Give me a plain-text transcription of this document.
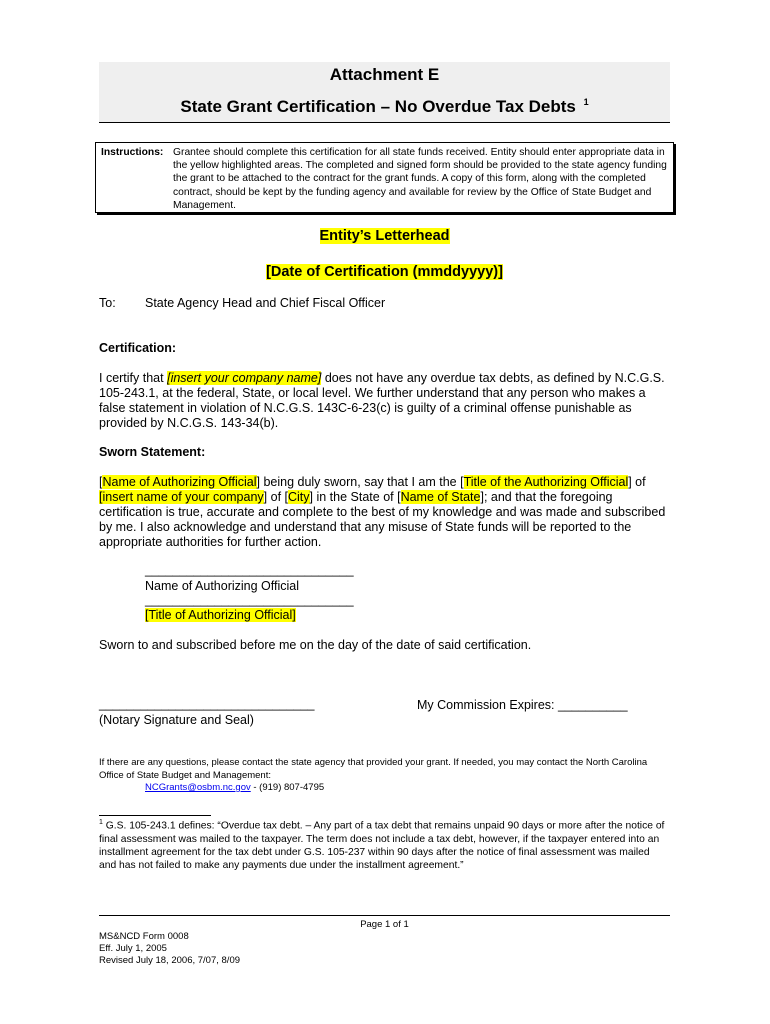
Attachment E
State Grant Certification – No Overdue Tax Debts $^1$
Instructions: Grantee should complete this certification for all state funds received. Entity should enter appropriate data in the yellow highlighted areas. The completed and signed form should be provided to the state agency funding the grant to be attached to the contract for the grant funds. A copy of this form, along with the completed contract, should be kept by the funding agency and available for review by the Office of State Budget and Management.
Entity’s Letterhead
[Date of Certification (mmddyyyy)]
To: State Agency Head and Chief Fiscal Officer
Certification:
I certify that [insert your company name] does not have any overdue tax debts, as defined by N.C.G.S. 105-243.1, at the federal, State, or local level. We further understand that any person who makes a false statement in violation of N.C.G.S. 143C-6-23(c) is guilty of a criminal offense punishable as provided by N.C.G.S. 143-34(b).
Sworn Statement:
[Name of Authorizing Official] being duly sworn, say that I am the [Title of the Authorizing Official] of [insert name of your company] of [City] in the State of [Name of State]; and that the foregoing certification is true, accurate and complete to the best of my knowledge and was made and subscribed by me. I also acknowledge and understand that any misuse of State funds will be reported to the appropriate authorities for further action.
______________________________
Name of Authorizing Official
______________________________
[Title of Authorizing Official]
Sworn to and subscribed before me on the day of the date of said certification.
_______________________________
(Notary Signature and Seal)
My Commission Expires: __________
If there are any questions, please contact the state agency that provided your grant. If needed, you may contact the North Carolina Office of State Budget and Management:
NCGrants@osbm.nc.gov - (919) 807-4795
$^1$ G.S. 105-243.1 defines: “Overdue tax debt. – Any part of a tax debt that remains unpaid 90 days or more after the notice of final assessment was mailed to the taxpayer. The term does not include a tax debt, however, if the taxpayer entered into an installment agreement for the tax debt under G.S. 105-237 within 90 days after the notice of final assessment was mailed and has not failed to make any payments due under the installment agreement.”
Page 1 of 1
MS&NCD Form 0008
Eff. July 1, 2005
Revised July 18, 2006, 7/07, 8/09
